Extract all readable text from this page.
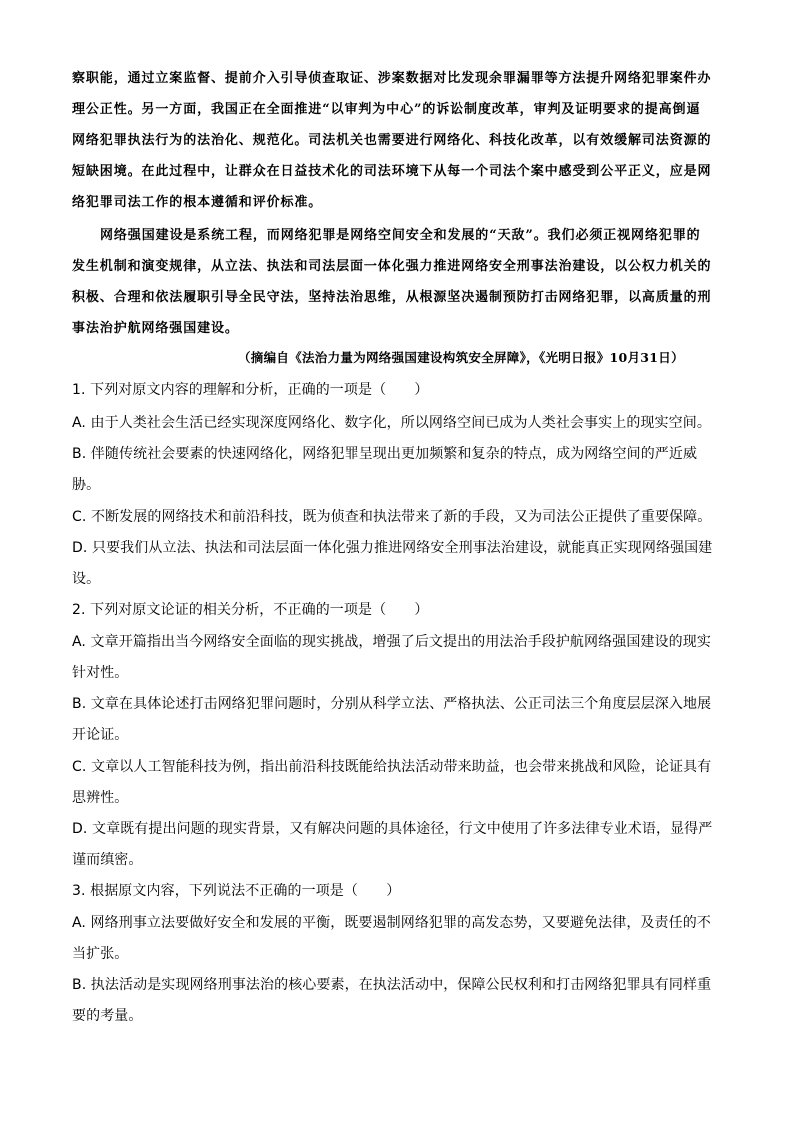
察职能，通过立案监督、提前介入引导侦查取证、涉案数据对比发现余罪漏罪等方法提升网络犯罪案件办
理公正性。另一方面，我国正在全面推进“以审判为中心”的诉讼制度改革，审判及证明要求的提高倒逼
网络犯罪执法行为的法治化、规范化。司法机关也需要进行网络化、科技化改革，以有效缓解司法资源的
短缺困境。在此过程中，让群众在日益技术化的司法环境下从每一个司法个案中感受到公平正义，应是网
络犯罪司法工作的根本遵循和评价标准。
网络强国建设是系统工程，而网络犯罪是网络空间安全和发展的“天敌”。我们必须正视网络犯罪的
发生机制和演变规律，从立法、执法和司法层面一体化强力推进网络安全刑事法治建设，以公权力机关的
积极、合理和依法履职引导全民守法，坚持法治思维，从根源坚决遏制预防打击网络犯罪，以高质量的刑
事法治护航网络强国建设。
（摘编自《法治力量为网络强国建设构筑安全屏障》，《光明日报》10月31日）
1. 下列对原文内容的理解和分析，正确的一项是（　　）
A. 由于人类社会生活已经实现深度网络化、数字化，所以网络空间已成为人类社会事实上的现实空间。
B. 伴随传统社会要素的快速网络化，网络犯罪呈现出更加频繁和复杂的特点，成为网络空间的严近威
胁。
C. 不断发展的网络技术和前沿科技，既为侦查和执法带来了新的手段，又为司法公正提供了重要保障。
D. 只要我们从立法、执法和司法层面一体化强力推进网络安全刑事法治建设，就能真正实现网络强国建
设。
2. 下列对原文论证的相关分析，不正确的一项是（　　）
A. 文章开篇指出当今网络安全面临的现实挑战，增强了后文提出的用法治手段护航网络强国建设的现实
针对性。
B. 文章在具体论述打击网络犯罪问题时，分别从科学立法、严格执法、公正司法三个角度层层深入地展
开论证。
C. 文章以人工智能科技为例，指出前沿科技既能给执法活动带来助益，也会带来挑战和风险，论证具有
思辨性。
D. 文章既有提出问题的现实背景，又有解决问题的具体途径，行文中使用了许多法律专业术语，显得严
谨而缜密。
3. 根据原文内容，下列说法不正确的一项是（　　）
A. 网络刑事立法要做好安全和发展的平衡，既要遏制网络犯罪的高发态势，又要避免法律，及责任的不
当扩张。
B. 执法活动是实现网络刑事法治的核心要素，在执法活动中，保障公民权利和打击网络犯罪具有同样重
要的考量。
